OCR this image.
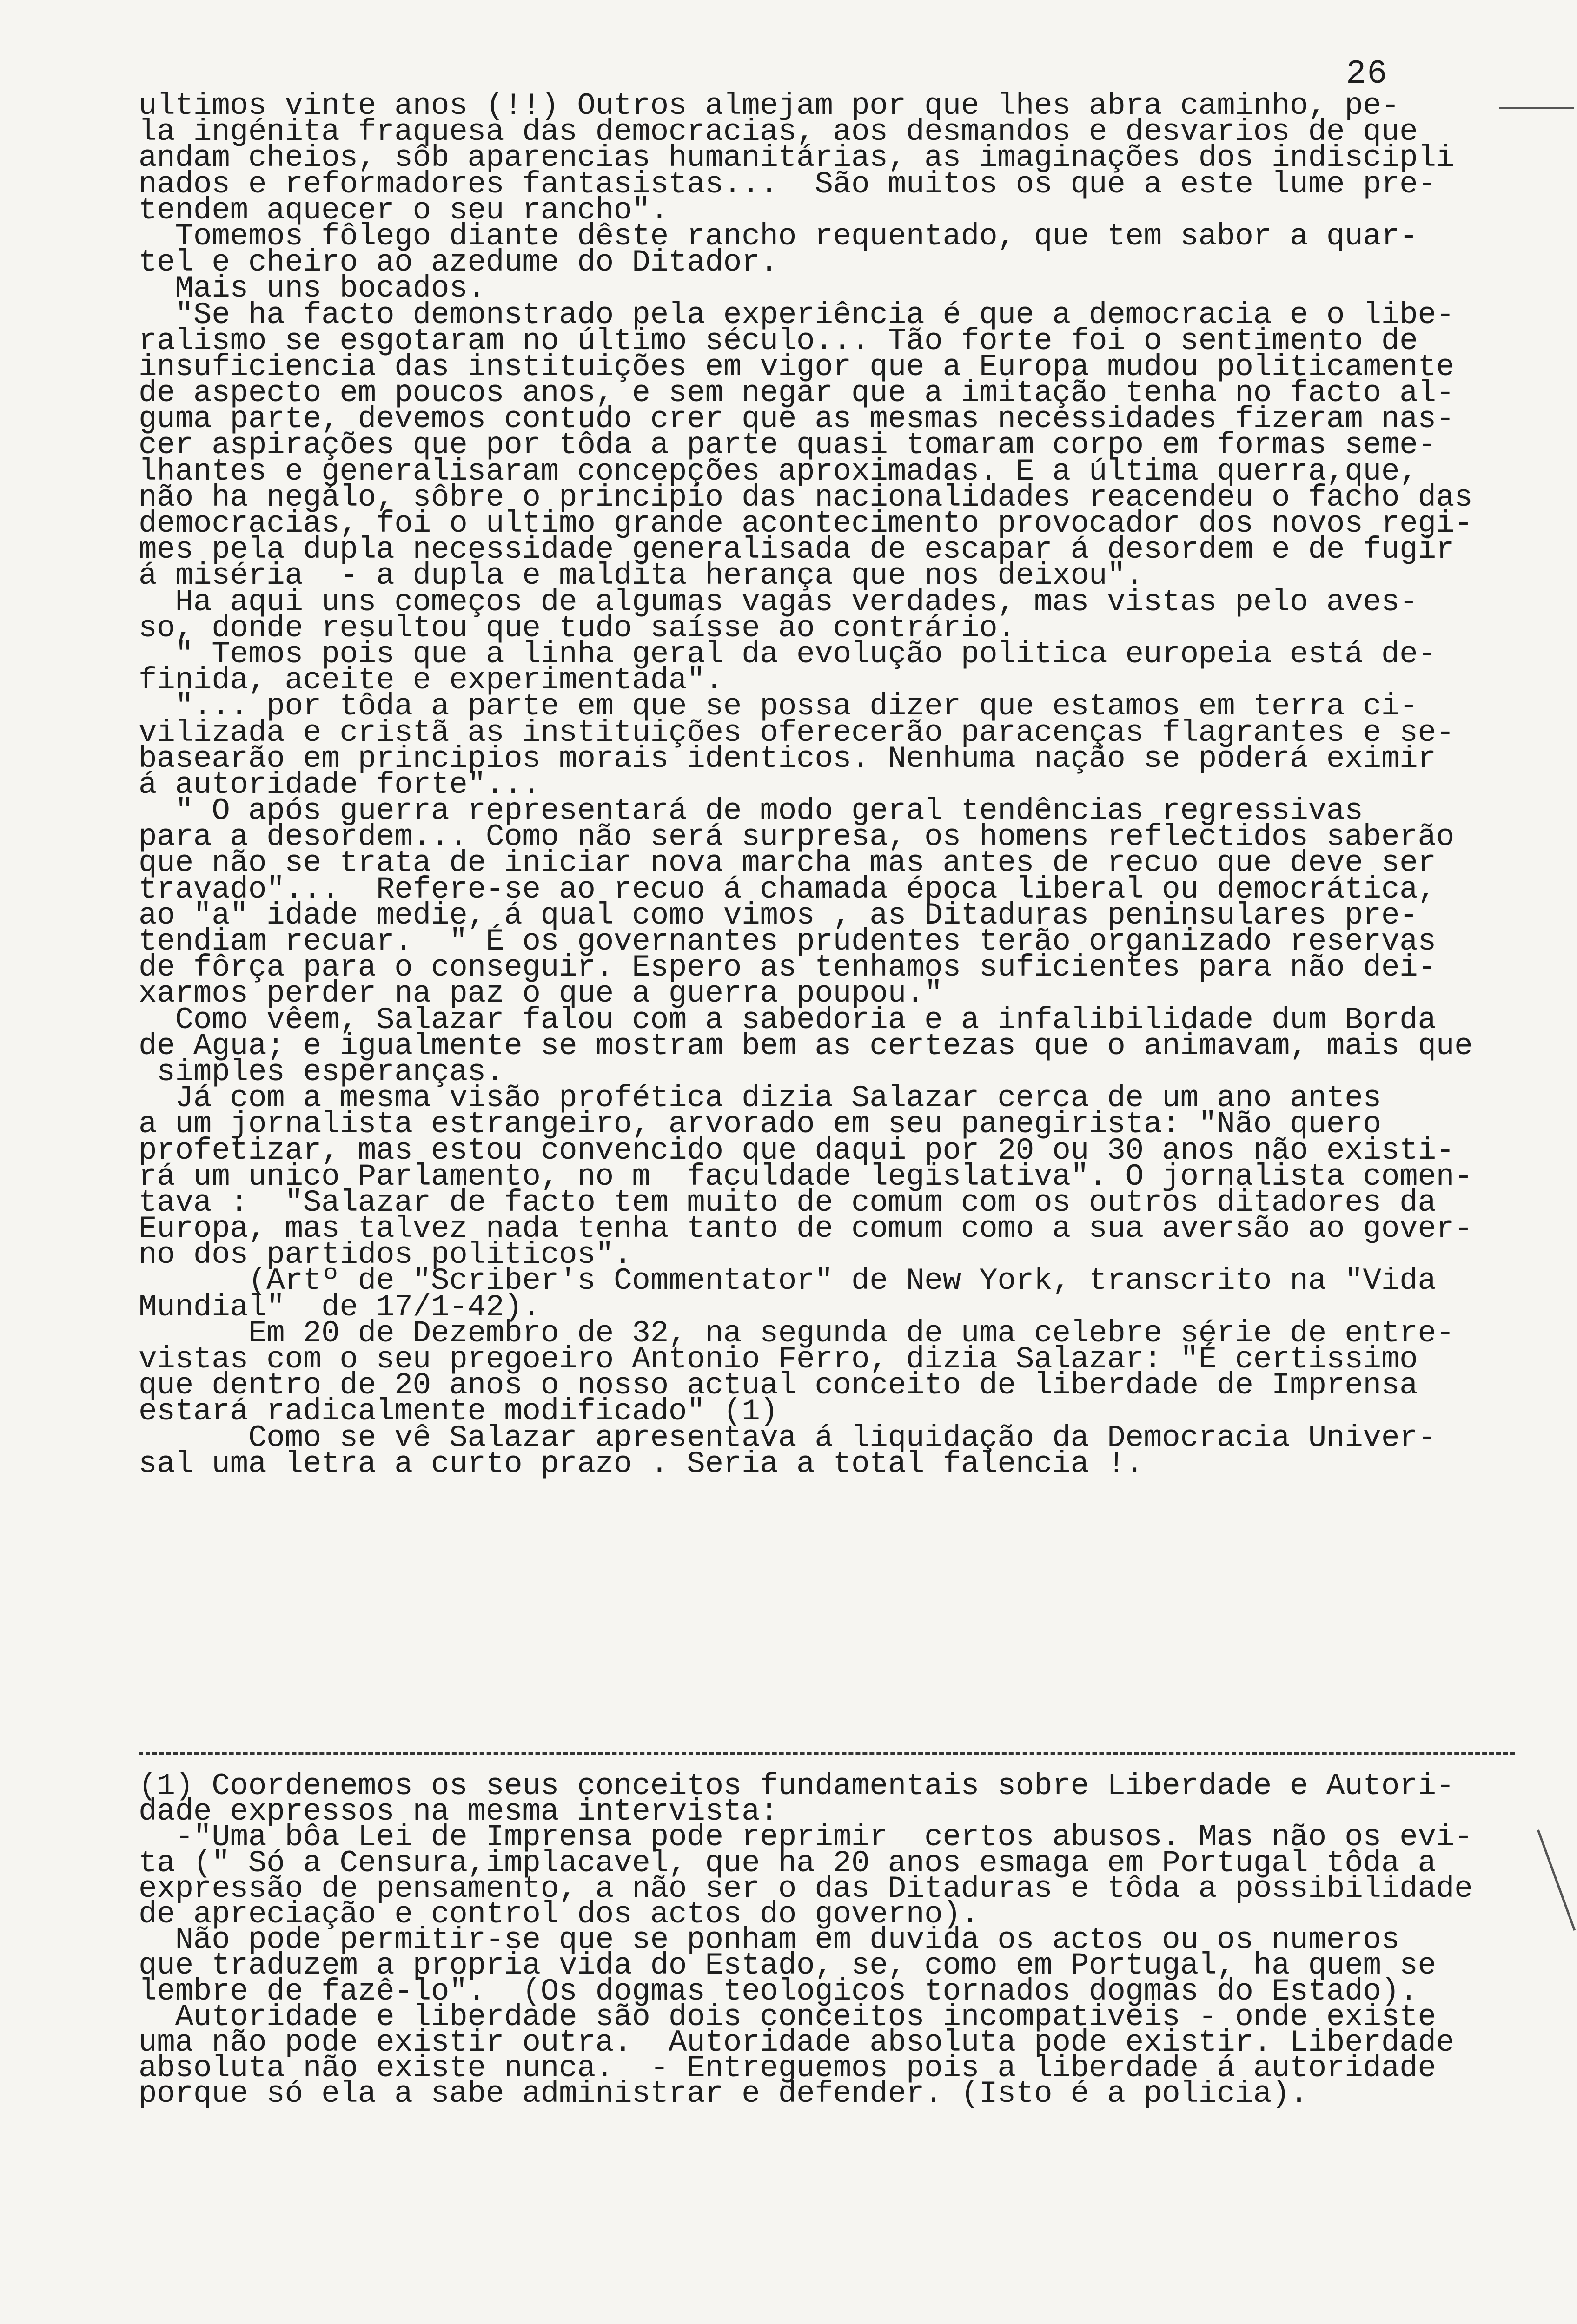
26
ultimos vinte anos (!!) Outros almejam por que lhes abra caminho, pe-
la ingénita fraquesa das democracias, aos desmandos e desvarios de que
andam cheios, sôb aparencias humanitárias, as imaginações dos indiscipli
nados e reformadores fantasistas...  São muitos os que a este lume pre-
tendem aquecer o seu rancho".
Tomemos fôlego diante dêste rancho requentado, que tem sabor a quar-
tel e cheiro ao azedume do Ditador.
Mais uns bocados.
"Se ha facto demonstrado pela experiência é que a democracia e o libe-
ralismo se esgotaram no último século... Tão forte foi o sentimento de
insuficiencia das instituições em vigor que a Europa mudou politicamente
de aspecto em poucos anos, e sem negar que a imitação tenha no facto al-
guma parte, devemos contudo crer que as mesmas necessidades fizeram nas-
cer aspirações que por tôda a parte quasi tomaram corpo em formas seme-
lhantes e generalisaram concepções aproximadas. E a última querra,que,
não ha negálo, sôbre o principio das nacionalidades reacendeu o facho das
democracias, foi o ultimo grande acontecimento provocador dos novos regi-
mes pela dupla necessidade generalisada de escapar á desordem e de fugir
á miséria  - a dupla e maldita herança que nos deixou".
Ha aqui uns começos de algumas vagas verdades, mas vistas pelo aves-
so, donde resultou que tudo saísse ao contrário.
" Temos pois que a linha geral da evolução politica europeia está de-
finida, aceite e experimentada".
"... por tôda a parte em que se possa dizer que estamos em terra ci-
vilizada e cristã as instituições oferecerão paracenças flagrantes e se-
basearão em principios morais identicos. Nenhuma nação se poderá eximir
á autoridade forte"...
" O após guerra representará de modo geral tendências regressivas
para a desordem... Como não será surpresa, os homens reflectidos saberão
que não se trata de iniciar nova marcha mas antes de recuo que deve ser
travado"...  Refere-se ao recuo á chamada época liberal ou democrática,
ao "a" idade medie, á qual como vimos , as Ditaduras peninsulares pre-
tendiam recuar.  " É os governantes prudentes terão organizado reservas
de fôrça para o conseguir. Espero as tenhamos suficientes para não dei-
xarmos perder na paz o que a guerra poupou."
Como vêem, Salazar falou com a sabedoria e a infalibilidade dum Borda
de Agua; e igualmente se mostram bem as certezas que o animavam, mais que
simples esperanças.
Já com a mesma visão profética dizia Salazar cerca de um ano antes
a um jornalista estrangeiro, arvorado em seu panegirista: "Não quero
profetizar, mas estou convencido que daqui por 20 ou 30 anos não existi-
rá um unico Parlamento, no m  faculdade legislativa". O jornalista comen-
tava :  "Salazar de facto tem muito de comum com os outros ditadores da
Europa, mas talvez nada tenha tanto de comum como a sua aversão ao gover-
no dos partidos politicos".
(Artº de "Scriber's Commentator" de New York, transcrito na "Vida
Mundial"  de 17/1-42).
Em 20 de Dezembro de 32, na segunda de uma celebre série de entre-
vistas com o seu pregoeiro Antonio Ferro, dizia Salazar: "É certissimo
que dentro de 20 anos o nosso actual conceito de liberdade de Imprensa
estará radicalmente modificado" (1)
Como se vê Salazar apresentava á liquidação da Democracia Univer-
sal uma letra a curto prazo . Seria a total falencia !.
(1) Coordenemos os seus conceitos fundamentais sobre Liberdade e Autori-
dade expressos na mesma intervista:
-"Uma bôa Lei de Imprensa pode reprimir  certos abusos. Mas não os evi-
ta (" Só a Censura,implacavel, que ha 20 anos esmaga em Portugal tôda a
expressão de pensamento, a não ser o das Ditaduras e tôda a possibilidade
de apreciação e control dos actos do governo).
Não pode permitir-se que se ponham em duvida os actos ou os numeros
que traduzem a propria vida do Estado, se, como em Portugal, ha quem se
lembre de fazê-lo".  (Os dogmas teologicos tornados dogmas do Estado).
Autoridade e liberdade são dois conceitos incompativeis - onde existe
uma não pode existir outra.  Autoridade absoluta pode existir. Liberdade
absoluta não existe nunca.  - Entreguemos pois a liberdade á autoridade
porque só ela a sabe administrar e defender. (Isto é a policia).
